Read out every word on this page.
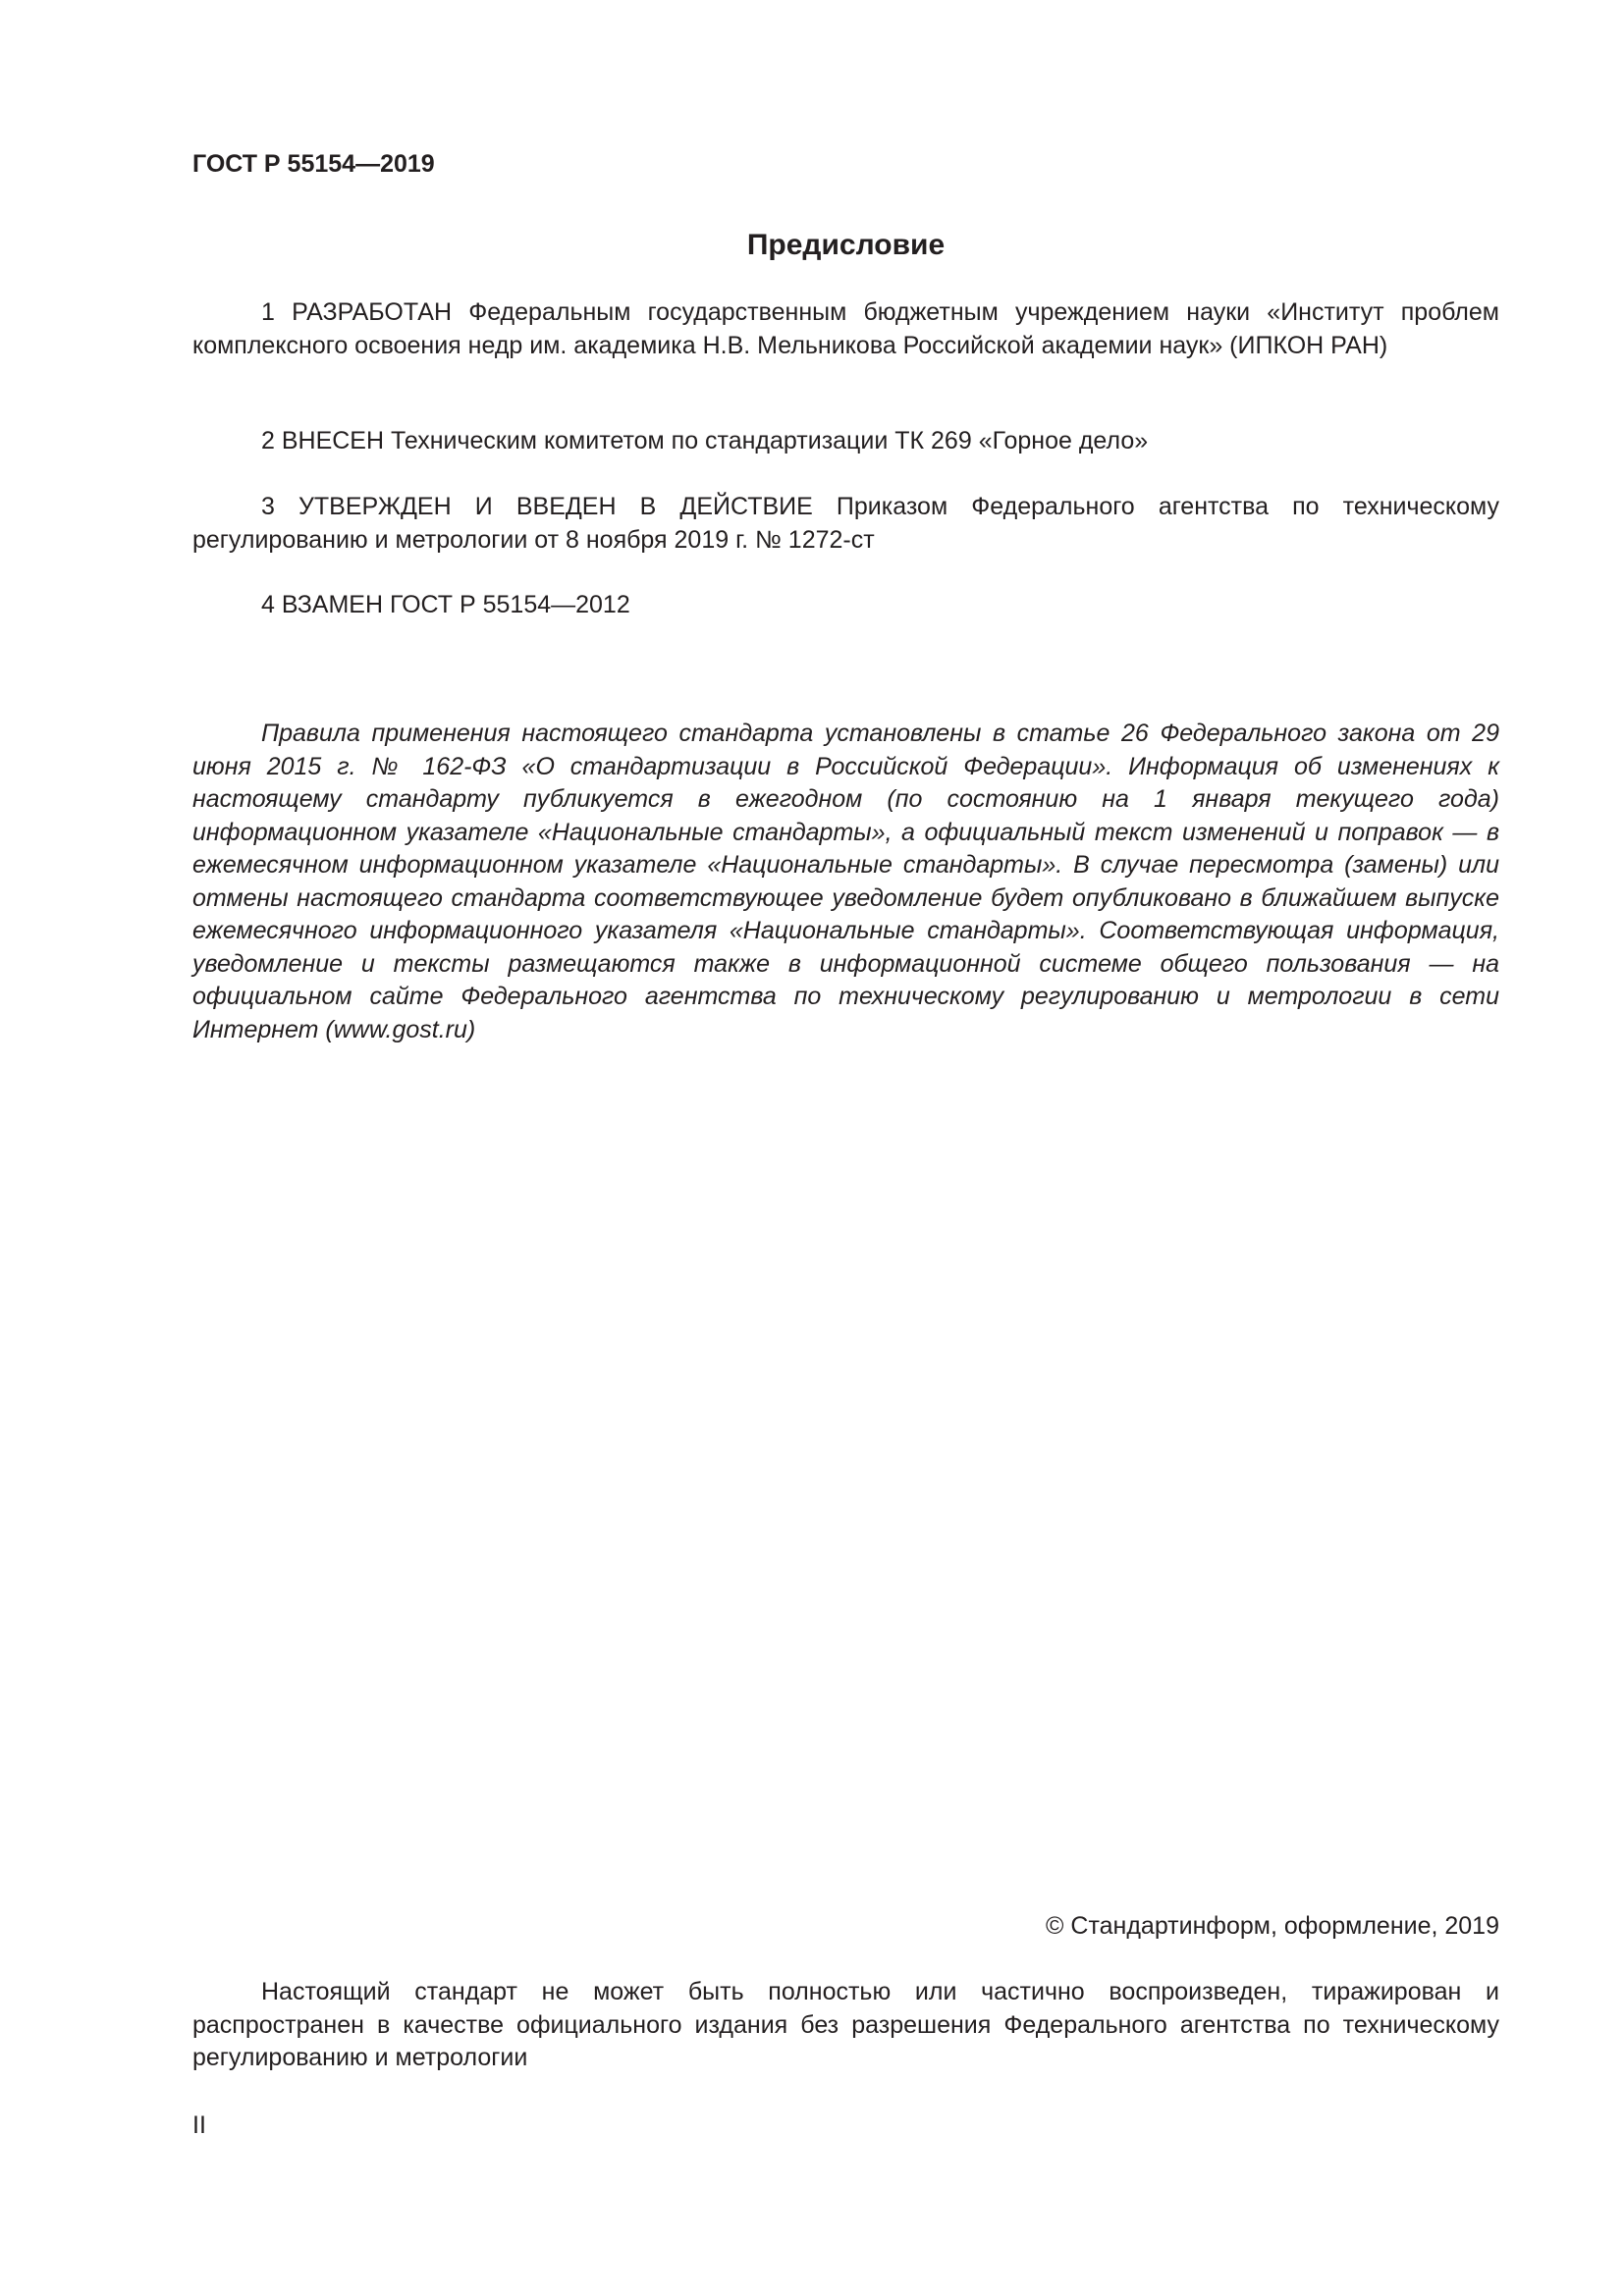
ГОСТ Р 55154—2019

Предисловие

1 РАЗРАБОТАН Федеральным государственным бюджетным учреждением науки «Институт проблем комплексного освоения недр им. академика Н.В. Мельникова Российской академии наук» (ИПКОН РАН)

2 ВНЕСЕН Техническим комитетом по стандартизации ТК 269 «Горное дело»

3 УТВЕРЖДЕН И ВВЕДЕН В ДЕЙСТВИЕ Приказом Федерального агентства по техническому регулированию и метрологии от 8 ноября 2019 г. № 1272-ст

4 ВЗАМЕН ГОСТ Р 55154—2012

Правила применения настоящего стандарта установлены в статье 26 Федерального закона от 29 июня 2015 г. № 162-ФЗ «О стандартизации в Российской Федерации». Информация об изменениях к настоящему стандарту публикуется в ежегодном (по состоянию на 1 января текущего года) информационном указателе «Национальные стандарты», а официальный текст изменений и поправок — в ежемесячном информационном указателе «Национальные стандарты». В случае пересмотра (замены) или отмены настоящего стандарта соответствующее уведомление будет опубликовано в ближайшем выпуске ежемесячного информационного указателя «Национальные стандарты». Соответствующая информация, уведомление и тексты размещаются также в информационной системе общего пользования — на официальном сайте Федерального агентства по техническому регулированию и метрологии в сети Интернет (www.gost.ru)

© Стандартинформ, оформление, 2019

Настоящий стандарт не может быть полностью или частично воспроизведен, тиражирован и распространен в качестве официального издания без разрешения Федерального агентства по техническому регулированию и метрологии

II
